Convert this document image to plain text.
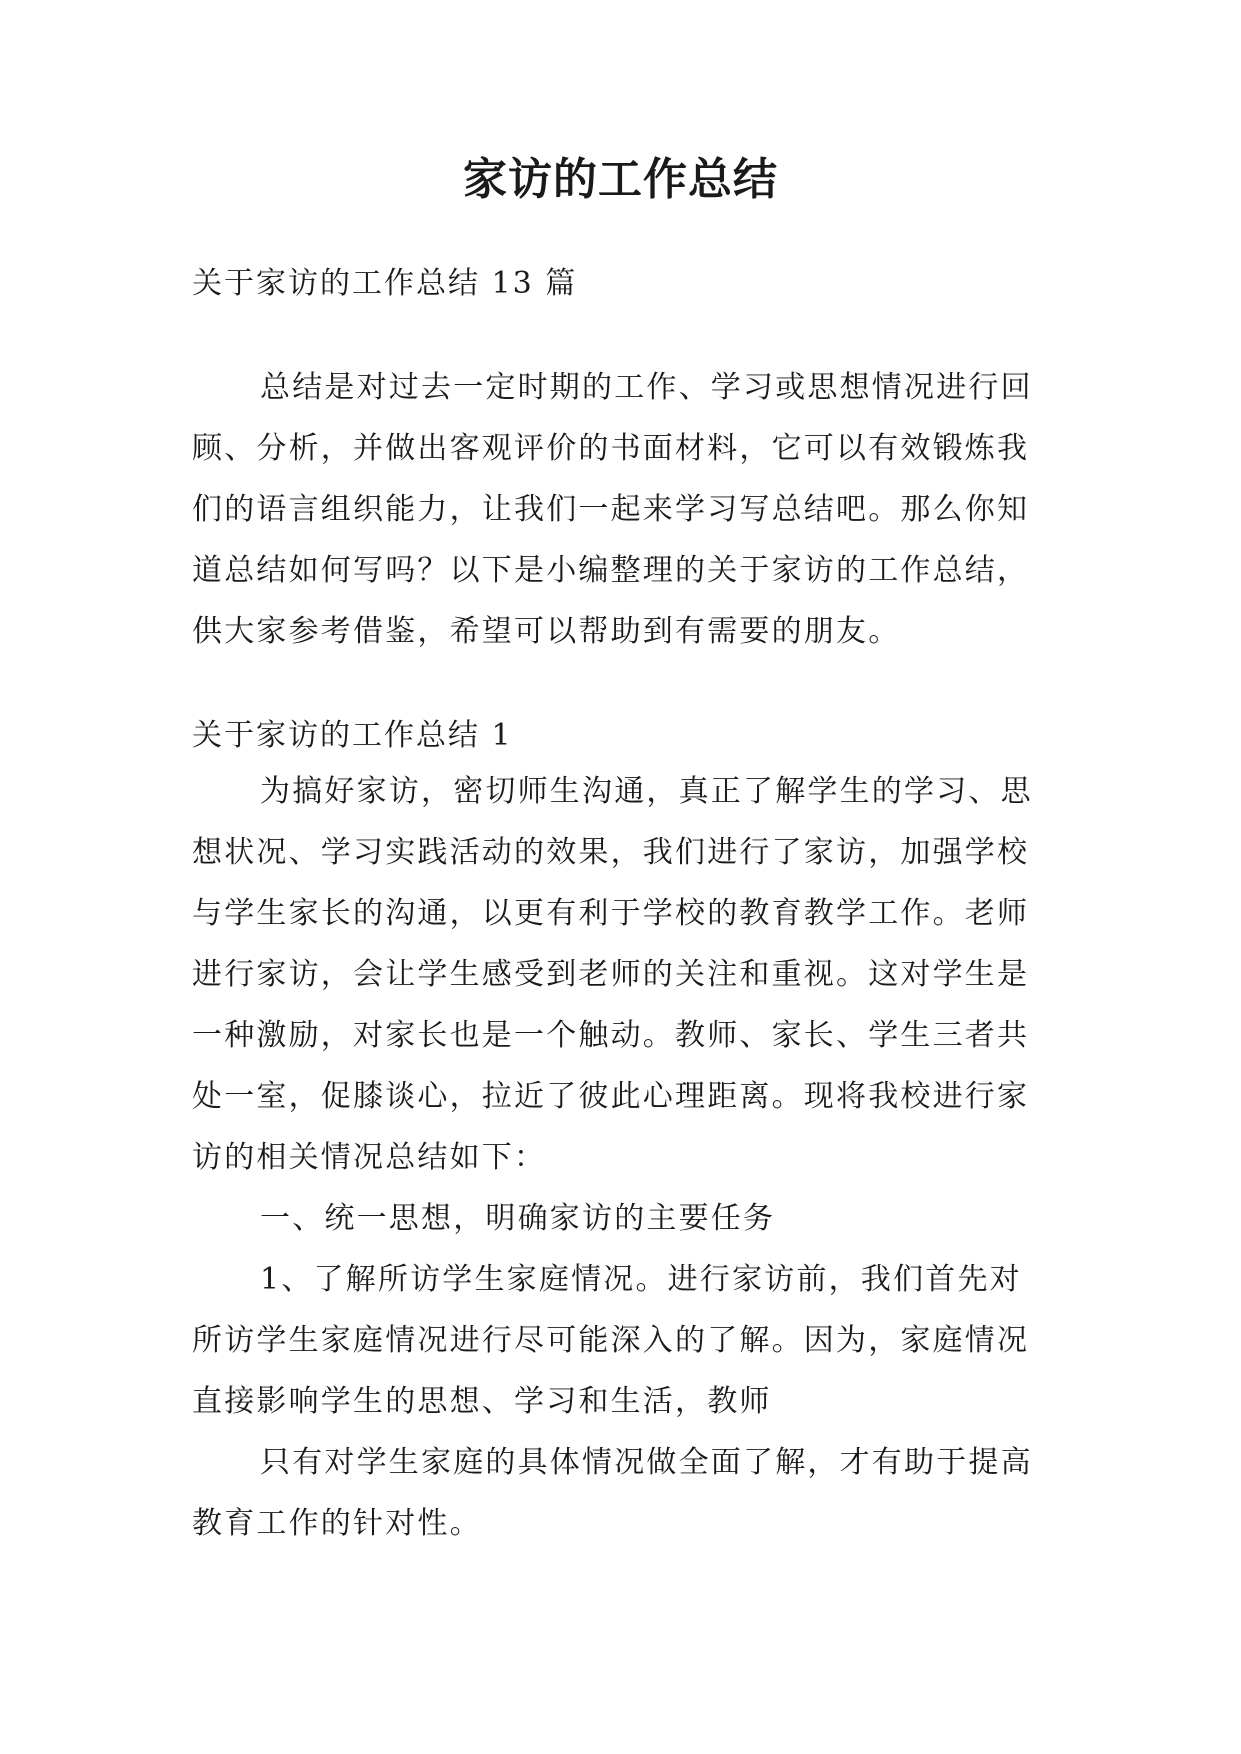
家访的工作总结
关于家访的工作总结 13 篇
总结是对过去一定时期的工作、学习或思想情况进行回
顾、分析，并做出客观评价的书面材料，它可以有效锻炼我
们的语言组织能力，让我们一起来学习写总结吧。那么你知
道总结如何写吗？以下是小编整理的关于家访的工作总结，
供大家参考借鉴，希望可以帮助到有需要的朋友。
关于家访的工作总结 1
为搞好家访，密切师生沟通，真正了解学生的学习、思
想状况、学习实践活动的效果，我们进行了家访，加强学校
与学生家长的沟通，以更有利于学校的教育教学工作。老师
进行家访，会让学生感受到老师的关注和重视。这对学生是
一种激励，对家长也是一个触动。教师、家长、学生三者共
处一室，促膝谈心，拉近了彼此心理距离。现将我校进行家
访的相关情况总结如下：
一、统一思想，明确家访的主要任务
1、了解所访学生家庭情况。进行家访前，我们首先对
所访学生家庭情况进行尽可能深入的了解。因为，家庭情况
直接影响学生的思想、学习和生活，教师
只有对学生家庭的具体情况做全面了解，才有助于提高
教育工作的针对性。
